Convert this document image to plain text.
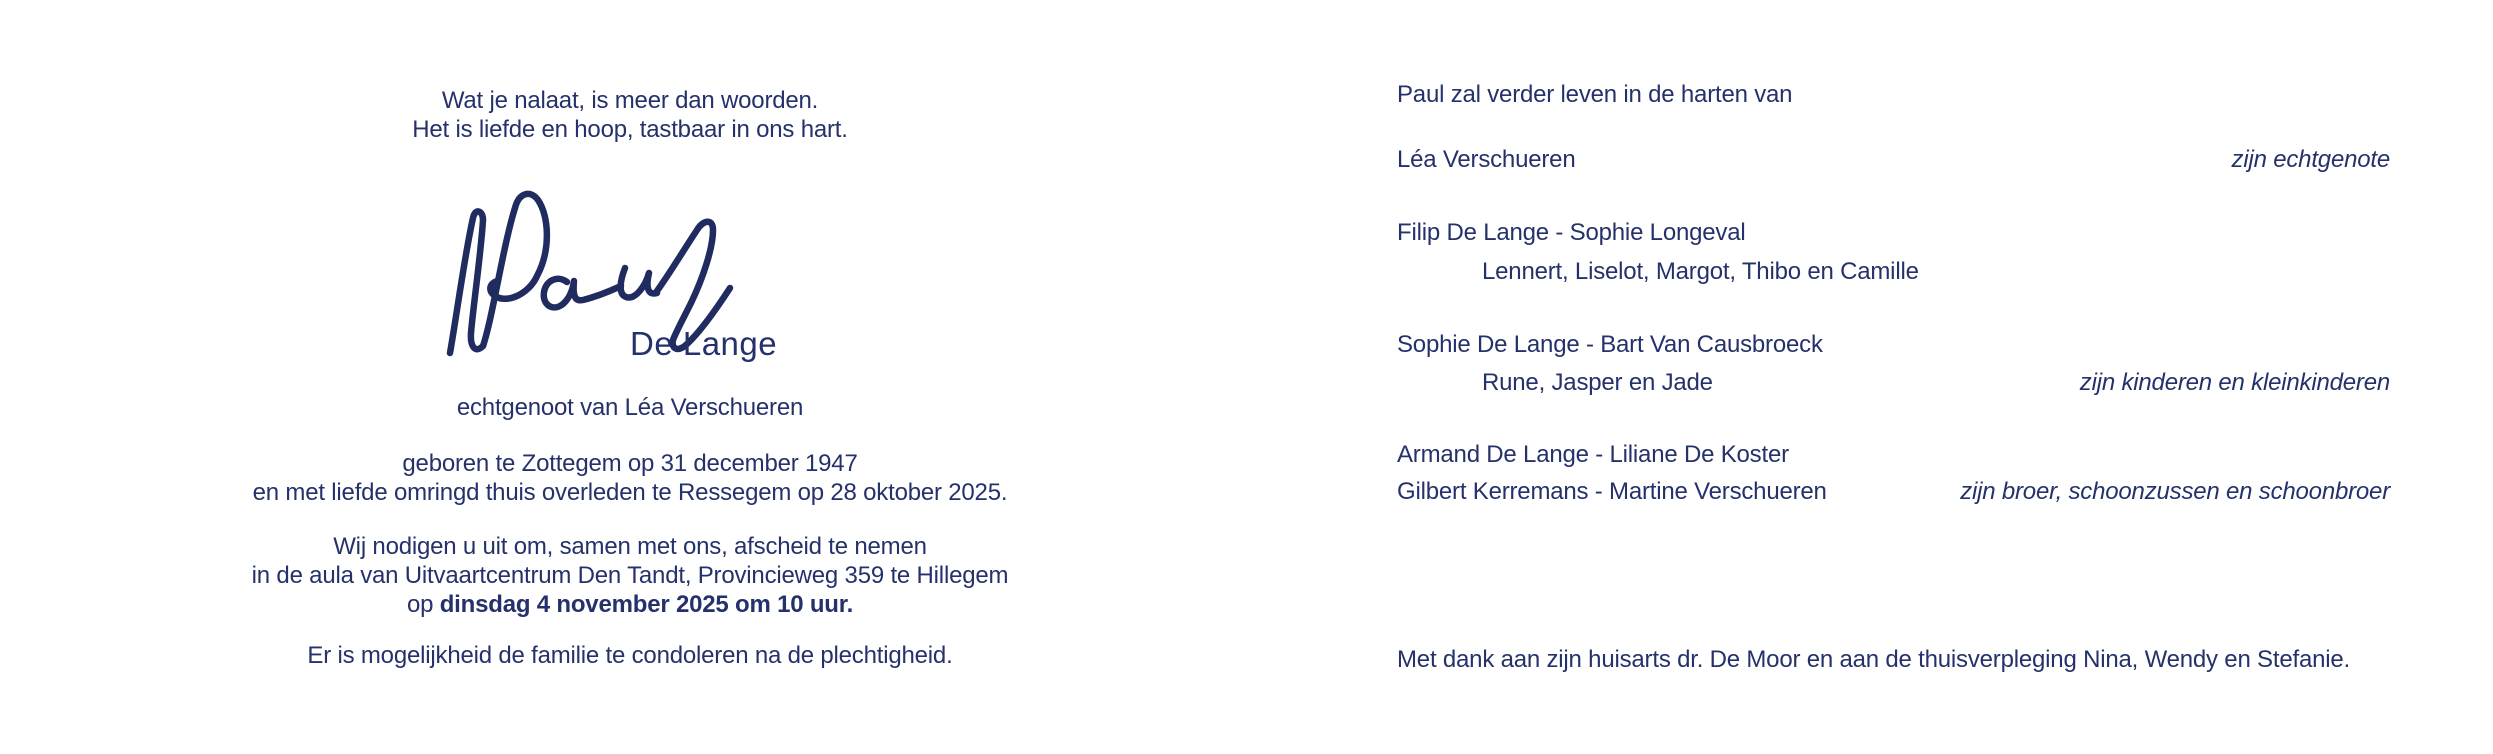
Wat je nalaat, is meer dan woorden.
Het is liefde en hoop, tastbaar in ons hart.
De Lange
echtgenoot van Léa Verschueren
geboren te Zottegem op 31 december 1947
en met liefde omringd thuis overleden te Ressegem op 28 oktober 2025.
Wij nodigen u uit om, samen met ons, afscheid te nemen
in de aula van Uitvaartcentrum Den Tandt, Provincieweg 359 te Hillegem
op dinsdag 4 november 2025 om 10 uur.
Er is mogelijkheid de familie te condoleren na de plechtigheid.
Paul zal verder leven in de harten van
Léa Verschueren	zijn echtgenote
Filip De Lange - Sophie Longeval
Lennert, Liselot, Margot, Thibo en Camille
Sophie De Lange - Bart Van Causbroeck
Rune, Jasper en Jade	zijn kinderen en kleinkinderen
Armand De Lange - Liliane De Koster
Gilbert Kerremans - Martine Verschueren	zijn broer, schoonzussen en schoonbroer
Met dank aan zijn huisarts dr. De Moor en aan de thuisverpleging Nina, Wendy en Stefanie.
